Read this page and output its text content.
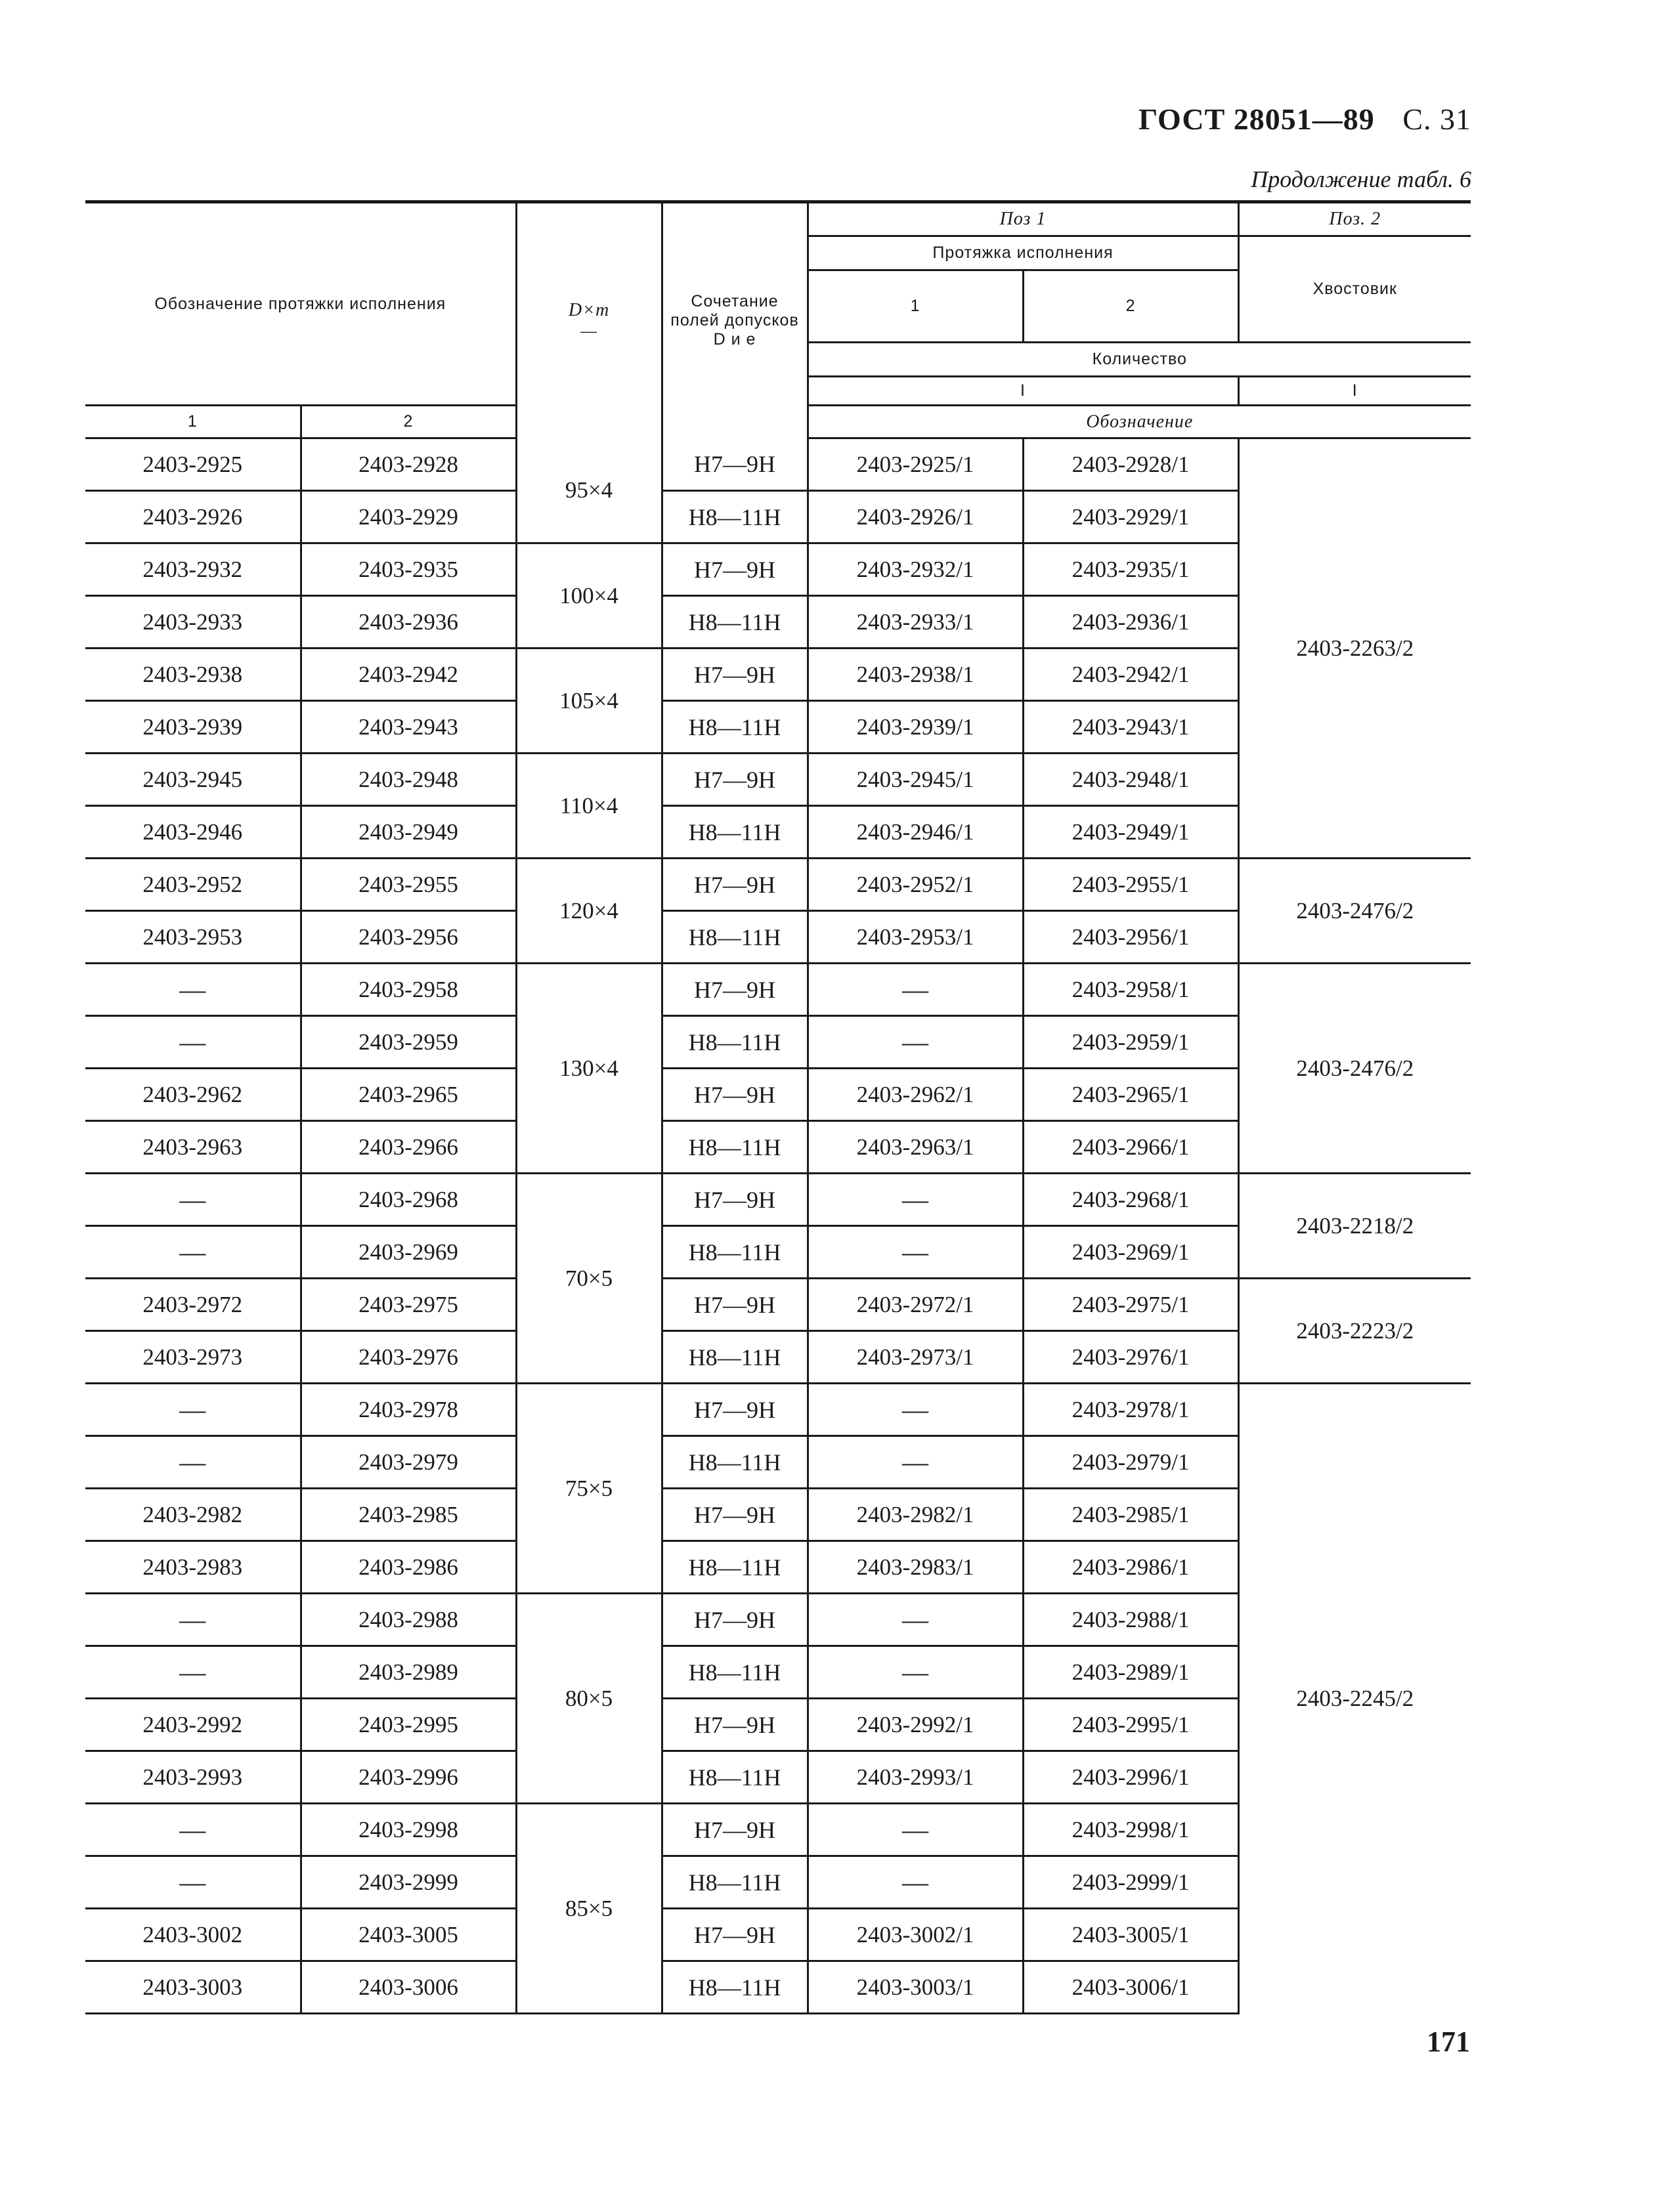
ГОСТ 28051—89 С. 31
Продолжение табл. 6
Обозначение протяжки исполнения		D×m
—	Сочетание полей допусков D и e	Поз 1		Поз. 2
				Протяжка исполнения		Хвостовик
				1	2	
				Количество		
				I		I
1	2			Обозначение		
2403-2925	2403-2928	95×4	H7—9H	2403-2925/1	2403-2928/1	2403-2263/2
2403-2926	2403-2929		H8—11H	2403-2926/1	2403-2929/1	
2403-2932	2403-2935	100×4	H7—9H	2403-2932/1	2403-2935/1	
2403-2933	2403-2936		H8—11H	2403-2933/1	2403-2936/1	
2403-2938	2403-2942	105×4	H7—9H	2403-2938/1	2403-2942/1	
2403-2939	2403-2943		H8—11H	2403-2939/1	2403-2943/1	
2403-2945	2403-2948	110×4	H7—9H	2403-2945/1	2403-2948/1	
2403-2946	2403-2949		H8—11H	2403-2946/1	2403-2949/1	
2403-2952	2403-2955	120×4	H7—9H	2403-2952/1	2403-2955/1	2403-2476/2
2403-2953	2403-2956		H8—11H	2403-2953/1	2403-2956/1	
—	2403-2958	130×4	H7—9H	—	2403-2958/1	2403-2476/2
—	2403-2959		H8—11H	—	2403-2959/1	
2403-2962	2403-2965		H7—9H	2403-2962/1	2403-2965/1	
2403-2963	2403-2966		H8—11H	2403-2963/1	2403-2966/1	
—	2403-2968	70×5	H7—9H	—	2403-2968/1	2403-2218/2
—	2403-2969		H8—11H	—	2403-2969/1	
2403-2972	2403-2975		H7—9H	2403-2972/1	2403-2975/1	2403-2223/2
2403-2973	2403-2976		H8—11H	2403-2973/1	2403-2976/1	
—	2403-2978	75×5	H7—9H	—	2403-2978/1	2403-2245/2
—	2403-2979		H8—11H	—	2403-2979/1	
2403-2982	2403-2985		H7—9H	2403-2982/1	2403-2985/1	
2403-2983	2403-2986		H8—11H	2403-2983/1	2403-2986/1	
—	2403-2988	80×5	H7—9H	—	2403-2988/1	
—	2403-2989		H8—11H	—	2403-2989/1	
2403-2992	2403-2995		H7—9H	2403-2992/1	2403-2995/1	
2403-2993	2403-2996		H8—11H	2403-2993/1	2403-2996/1	
—	2403-2998	85×5	H7—9H	—	2403-2998/1	
—	2403-2999		H8—11H	—	2403-2999/1	
2403-3002	2403-3005		H7—9H	2403-3002/1	2403-3005/1	
2403-3003	2403-3006		H8—11H	2403-3003/1	2403-3006/1	
171
